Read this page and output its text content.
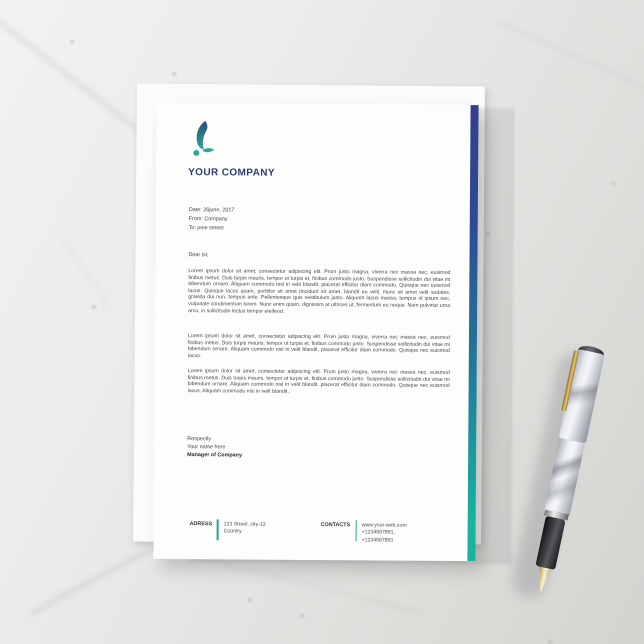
YOUR COMPANY
Date: 26june, 2017
From: Company
To: jone smeet
Dear sir,

Lorem ipsum dolor sit amet, consectetur adipiscing elit. Proin justo magna, viverra nec massa nec, euismod finibus metus. Duis turpis mauris, tempor ut turpis et, finibus commodo justo. Suspendisse sollicitudin dui vitae mi bibendum ornare. Aliquam commodo nisl in velit blandit, placerat efficitur diam commodo. Quisque nec euismod lacus. Quisque lacus quam, porttitor sit amet tincidunt sit amet, blandit eu velit. Nunc sit amet velit sodales, gravida dui non, tempus ante. Pellentesque quis vestibulum justo. Aliquam lacus massa, tempus id ipsum nec, vulputate condimentum lorem. Nunc enim quam, dignissim at ultrices ut, fermentum eu neque. Nam pulvinar urna arcu, in sollicitudin lectus tempor eleifend.

Lorem ipsum dolor sit amet, consectetur adipiscing elit. Proin justo magna, viverra nec massa nec, euismod finibus metus. Duis turpis mauris, tempor ut turpis et, finibus commodo justo. Suspendisse sollicitudin dui vitae mi bibendum ornare. Aliquam commodo nisl in velit blandit, placerat efficitur diam commodo. Quisque nec euismod lacus.

Lorem ipsum dolor sit amet, consectetur adipiscing elit. Proin justo magna, viverra nec massa nec, euismod finibus metus. Duis turpis mauris, tempor ut turpis et, finibus commodo justo. Suspendisse sollicitudin dui vitae mi bibendum ornare. Aliquam commodo nisl in velit blandit, placerat efficitur diam commodo. Quisque nec euismod lacus. Aliquam commodo nisi in velit blandit,.

Respectly
Your name here
Manager of Company
ADRESS 123 Street. city-12
Country
CONTACTS www.your-web.com
+1234567891,
+1234567891
